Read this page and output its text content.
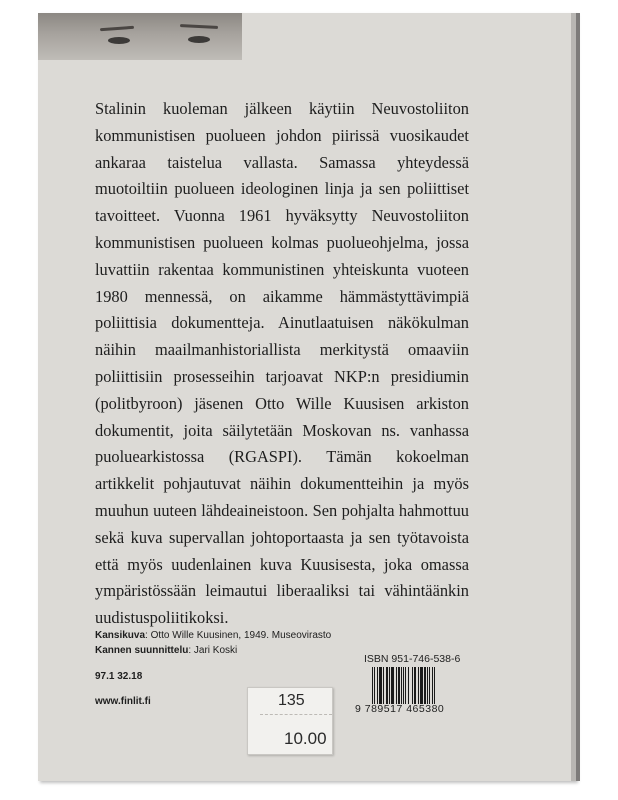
Stalinin kuoleman jälkeen käytiin Neuvostoliiton kommunistisen puolueen johdon piirissä vuosikaudet ankaraa taistelua vallasta. Samassa yhteydessä muotoiltiin puolueen ideologinen linja ja sen poliittiset tavoitteet. Vuonna 1961 hyväksytty Neuvostoliiton kommunistisen puolueen kolmas puolueohjelma, jossa luvattiin rakentaa kommunistinen yhteiskunta vuoteen 1980 mennessä, on aikamme hämmästyttävimpiä poliittisia dokumentteja. Ainutlaatuisen näkökulman näihin maailmanhistoriallista merkitystä omaaviin poliittisiin prosesseihin tarjoavat NKP:n presidiumin (politbyroon) jäsenen Otto Wille Kuusisen arkiston dokumentit, joita säilytetään Moskovan ns. vanhassa puoluearkistossa (RGASPI). Tämän kokoelman artikkelit pohjautuvat näihin dokumentteihin ja myös muuhun uuteen lähdeaineistoon. Sen pohjalta hahmottuu sekä kuva supervallan johtoportaasta ja sen työtavoista että myös uudenlainen kuva Kuusisesta, joka omassa ympäristössään leimautui liberaaliksi tai vähintäänkin uudistuspoliitikoksi.

Kansikuva: Otto Wille Kuusinen, 1949. Museovirasto
Kannen suunnittelu: Jari Koski
97.1 32.18
www.finlit.fi
ISBN 951-746-538-6
9 789517 465380
135
10.00
